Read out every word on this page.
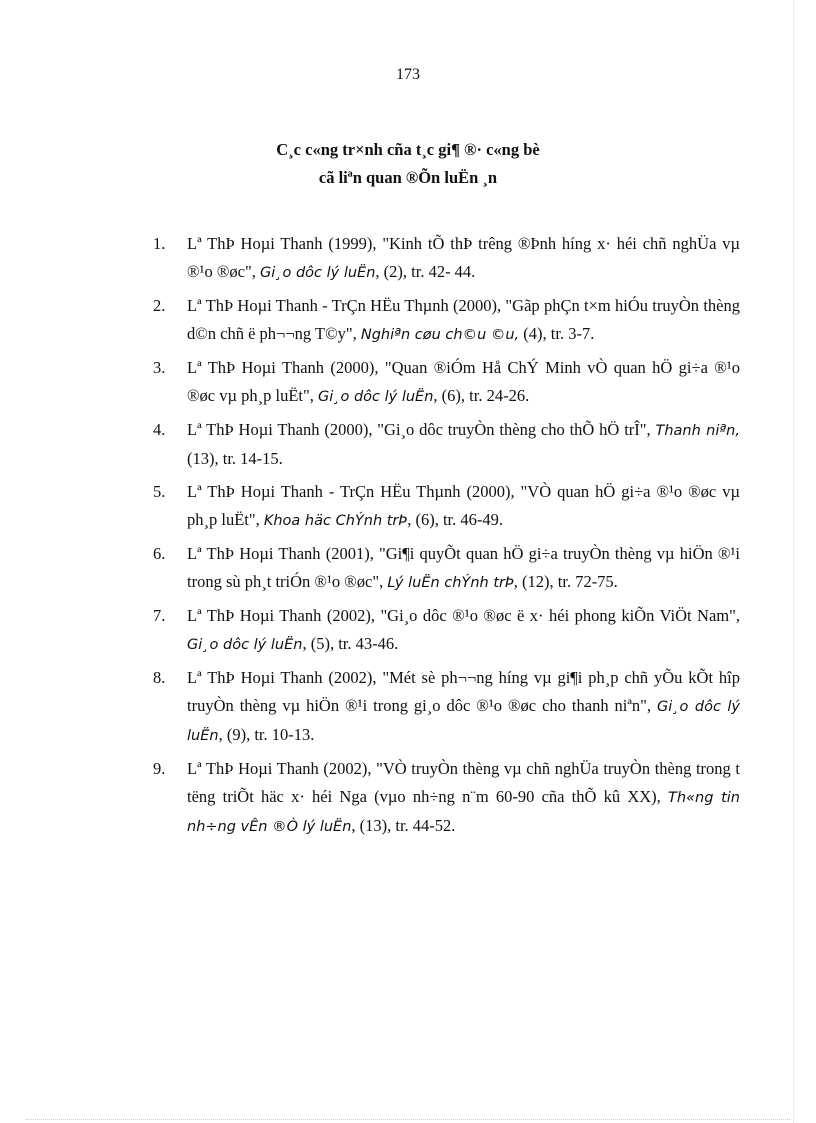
173
C¸c c«ng tr×nh cña t¸c gi¶ ®· c«ng bè
cã liªn quan ®Õn luËn ¸n
1. Lª ThÞ Hoµi Thanh (1999), "Kinh tÕ thÞ trêng ®Þnh híng x· héi chñ nghÜa vµ ®¹o ®øc", Gi¸o dôc lý luËn, (2), tr. 42- 44.
2. Lª ThÞ Hoµi Thanh - TrÇn HËu Thµnh (2000), "Gãp phÇn t×m hiÓu truyÒn thèng d©n chñ ë ph¬¬ng T©y", Nghiªn cøu ch©u ©u, (4), tr. 3-7.
3. Lª ThÞ Hoµi Thanh (2000), "Quan ®iÓm Hå ChÝ Minh vÒ quan hÖ gi÷a ®¹o ®øc vµ ph¸p luËt", Gi¸o dôc lý luËn, (6), tr. 24-26.
4. Lª ThÞ Hoµi Thanh (2000), "Gi¸o dôc truyÒn thèng cho thÕ hÖ trÎ", Thanh niªn, (13), tr. 14-15.
5. Lª ThÞ Hoµi Thanh - TrÇn HËu Thµnh (2000), "VÒ quan hÖ gi÷a ®¹o ®øc vµ ph¸p luËt", Khoa häc ChÝnh trÞ, (6), tr. 46-49.
6. Lª ThÞ Hoµi Thanh (2001), "Gi¶i quyÕt quan hÖ gi÷a truyÒn thèng vµ hiÖn ®¹i trong sù ph¸t triÓn ®¹o ®øc", Lý luËn chÝnh trÞ, (12), tr. 72-75.
7. Lª ThÞ Hoµi Thanh (2002), "Gi¸o dôc ®¹o ®øc ë x· héi phong kiÕn ViÖt Nam", Gi¸o dôc lý luËn, (5), tr. 43-46.
8. Lª ThÞ Hoµi Thanh (2002), "Mét sè ph¬¬ng híng vµ gi¶i ph¸p chñ yÕu kÕt hîp truyÒn thèng vµ hiÖn ®¹i trong gi¸o dôc ®¹o ®øc cho thanh niªn", Gi¸o dôc lý luËn, (9), tr. 10-13.
9. Lª ThÞ Hoµi Thanh (2002), "VÒ truyÒn thèng vµ chñ nghÜa truyÒn thèng trong t tëng triÕt häc x· héi Nga (vµo nh÷ng n¨m 60-90 cña thÕ kû XX), Th«ng tin nh÷ng vÊn ®Ò lý luËn, (13), tr. 44-52.
